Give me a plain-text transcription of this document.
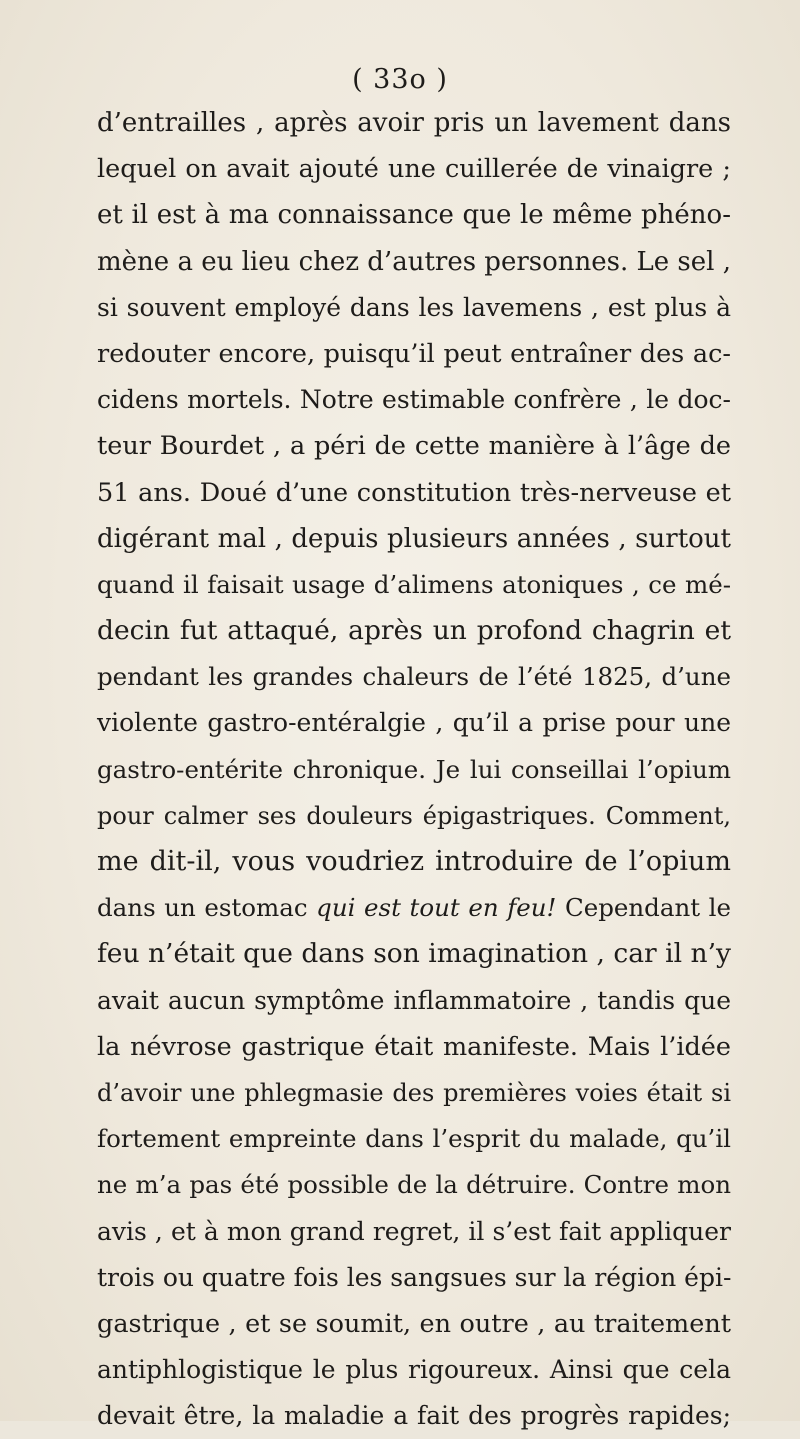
( 33o )
d’entrailles , après avoir pris un lavement dans
lequel on avait ajouté une cuillerée de vinaigre ;
et il est à ma connaissance que le même phéno-
mène a eu lieu chez d’autres personnes. Le sel ,
si souvent employé dans les lavemens , est plus à
redouter encore, puisqu’il peut entraîner des ac-
cidens mortels. Notre estimable confrère , le doc-
teur Bourdet , a péri de cette manière à l’âge de
51 ans. Doué d’une constitution très-nerveuse et
digérant mal , depuis plusieurs années , surtout
quand il faisait usage d’alimens atoniques , ce mé-
decin fut attaqué, après un profond chagrin et
pendant les grandes chaleurs de l’été 1825, d’une
violente gastro-entéralgie , qu’il a prise pour une
gastro-entérite chronique. Je lui conseillai l’opium
pour calmer ses douleurs épigastriques. Comment,
me dit-il, vous voudriez introduire de l’opium
dans un estomac qui est tout en feu! Cependant le
feu n’était que dans son imagination , car il n’y
avait aucun symptôme inflammatoire , tandis que
la névrose gastrique était manifeste. Mais l’idée
d’avoir une phlegmasie des premières voies était si
fortement empreinte dans l’esprit du malade, qu’il
ne m’a pas été possible de la détruire. Contre mon
avis , et à mon grand regret, il s’est fait appliquer
trois ou quatre fois les sangsues sur la région épi-
gastrique , et se soumit, en outre , au traitement
antiphlogistique le plus rigoureux. Ainsi que cela
devait être, la maladie a fait des progrès rapides;
